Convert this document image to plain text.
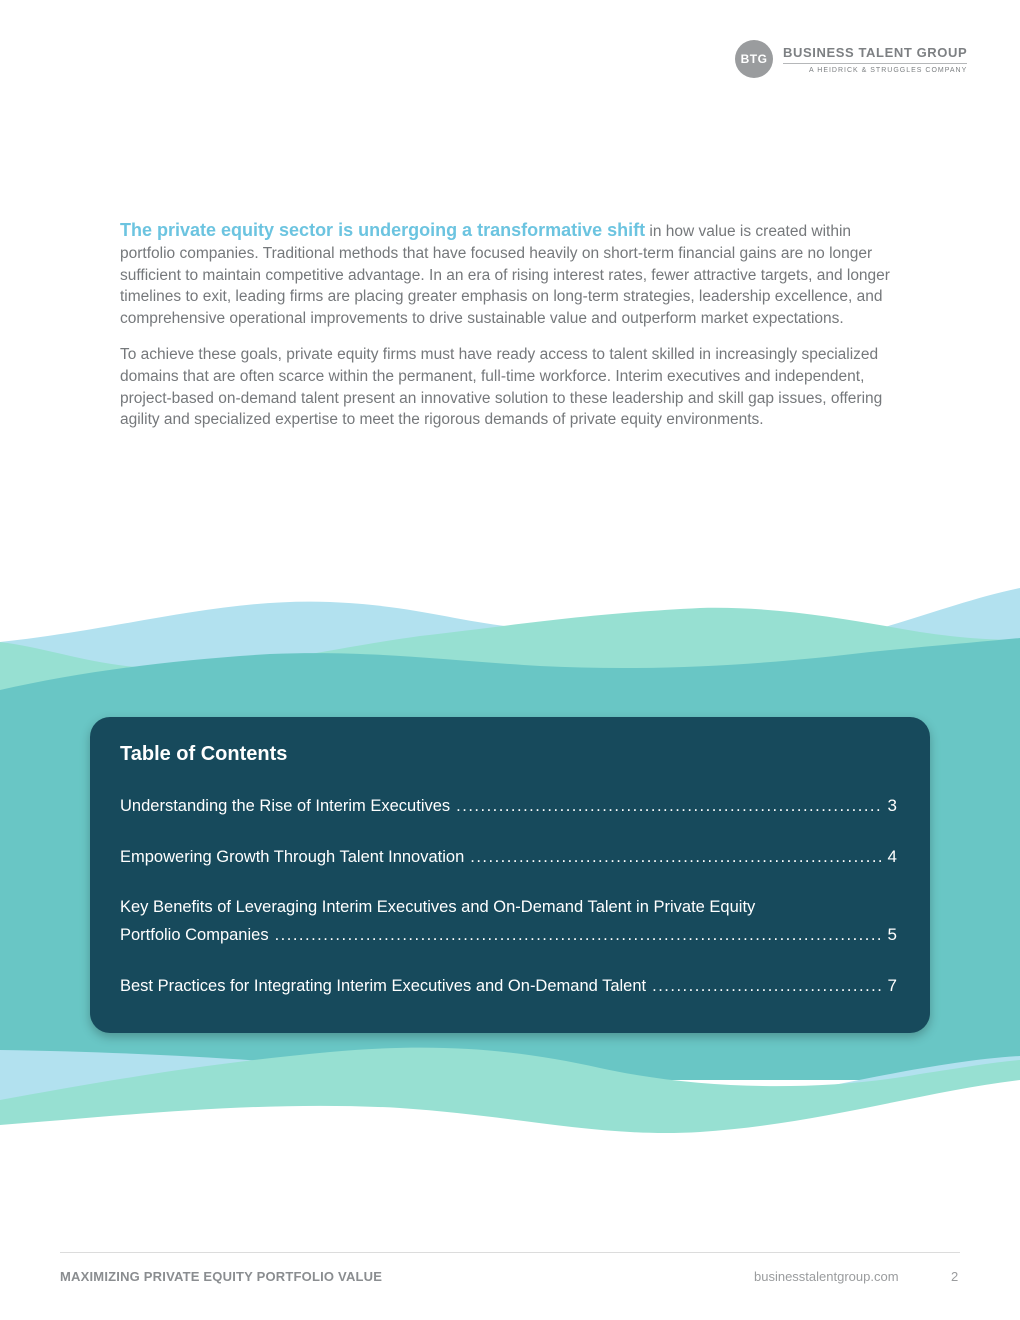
BTG	BUSINESS TALENT GROUP
A HEIDRICK & STRUGGLES COMPANY

The private equity sector is undergoing a transformative shift in how value is created within portfolio companies. Traditional methods that have focused heavily on short-term financial gains are no longer sufficient to maintain competitive advantage. In an era of rising interest rates, fewer attractive targets, and longer timelines to exit, leading firms are placing greater emphasis on long-term strategies, leadership excellence, and comprehensive operational improvements to drive sustainable value and outperform market expectations.

To achieve these goals, private equity firms must have ready access to talent skilled in increasingly specialized domains that are often scarce within the permanent, full-time workforce. Interim executives and independent, project-based on-demand talent present an innovative solution to these leadership and skill gap issues, offering agility and specialized expertise to meet the rigorous demands of private equity environments.

Table of Contents
Understanding the Rise of Interim Executives .....	3
Empowering Growth Through Talent Innovation .....	4
Key Benefits of Leveraging Interim Executives and On-Demand Talent in Private Equity
Portfolio Companies .....	5
Best Practices for Integrating Interim Executives and On-Demand Talent .....	7
MAXIMIZING PRIVATE EQUITY PORTFOLIO VALUE	businesstalentgroup.com	2
